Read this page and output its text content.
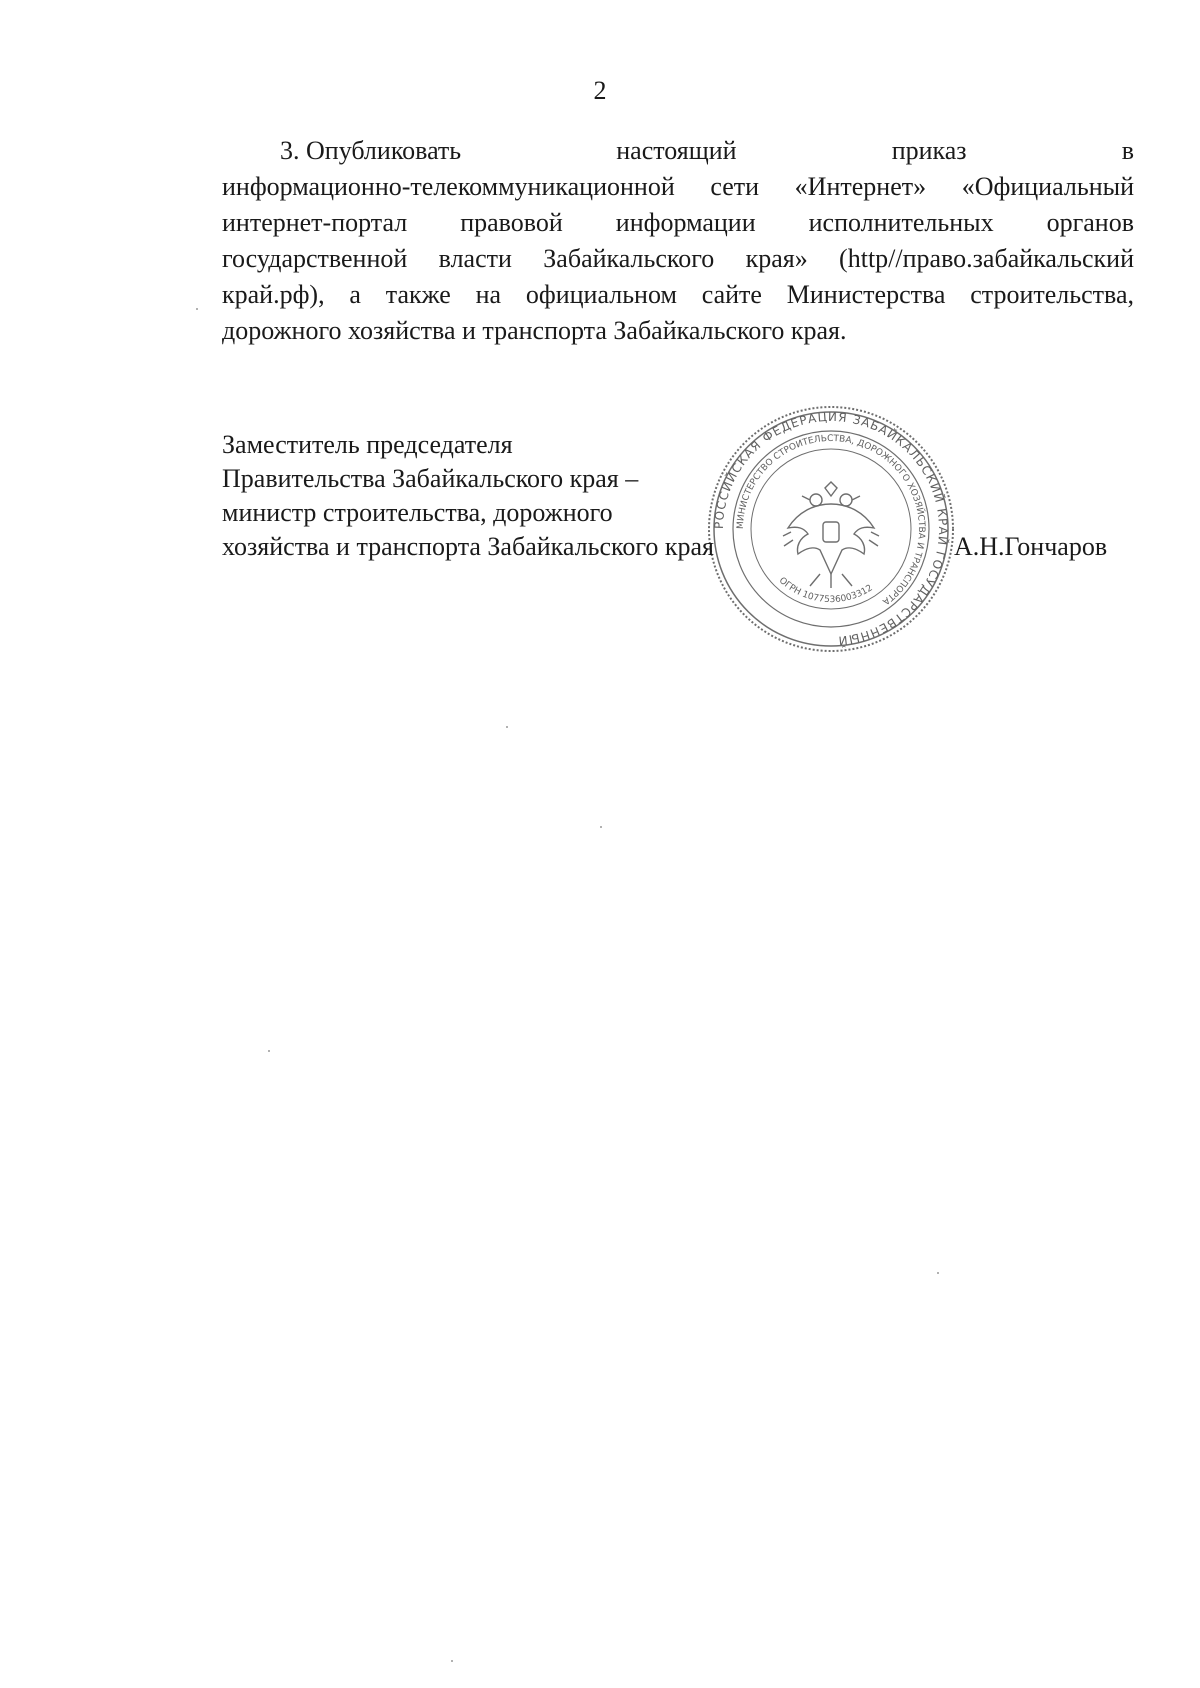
2
3. Опубликовать	настоящий	приказ	в
информационно-телекоммуникационной сети «Интернет» «Официальный
интернет-портал правовой информации исполнительных органов
государственной власти Забайкальского края» (http//право.забайкальский
край.рф), а также на официальном сайте Министерства строительства,
дорожного хозяйства и транспорта Забайкальского края.
РОССИЙСКАЯ ФЕДЕРАЦИЯ ЗАБАЙКАЛЬСКИЙ КРАЙ ГОСУДАРСТВЕННЫЙ
МИНИСТЕРСТВО СТРОИТЕЛЬСТВА, ДОРОЖНОГО ХОЗЯЙСТВА И ТРАНСПОРТА
ОГРН 1077536003312
Заместитель председателя
Правительства Забайкальского края –
министр строительства, дорожного
хозяйства и транспорта Забайкальского края	А.Н.Гончаров
